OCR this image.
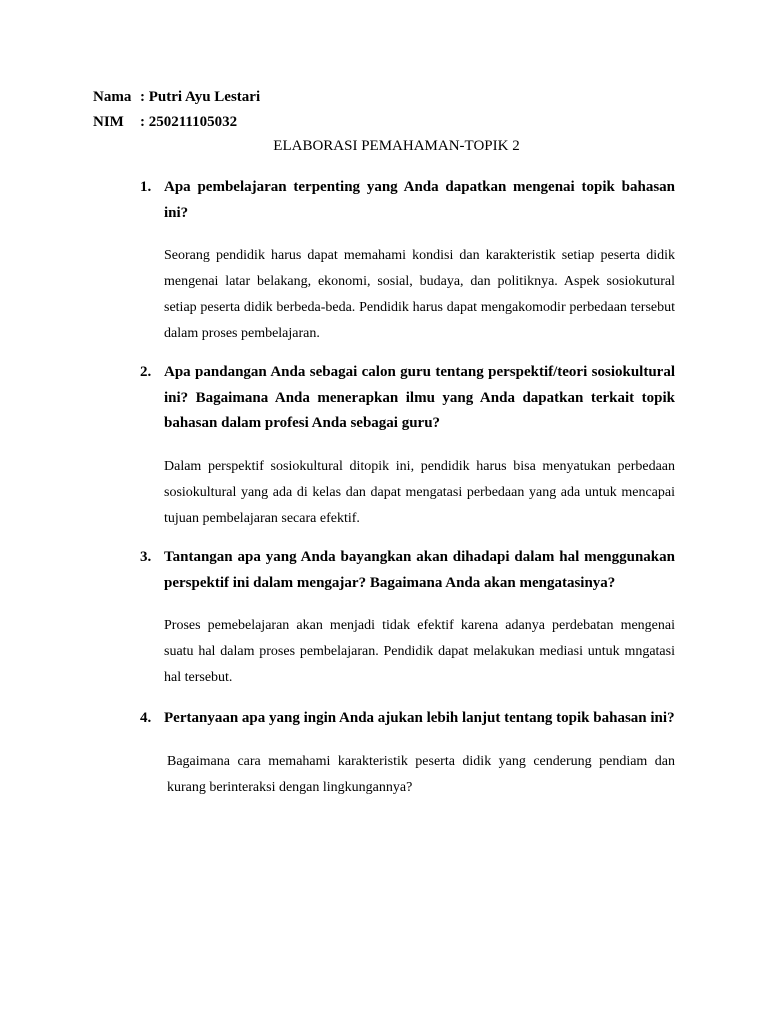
Nama : Putri Ayu Lestari
NIM : 250211105032
ELABORASI PEMAHAMAN-TOPIK 2
1. Apa pembelajaran terpenting yang Anda dapatkan mengenai topik bahasan ini?
Seorang pendidik harus dapat memahami kondisi dan karakteristik setiap peserta didik mengenai latar belakang, ekonomi, sosial, budaya, dan politiknya. Aspek sosiokutural setiap peserta didik berbeda-beda. Pendidik harus dapat mengakomodir perbedaan tersebut dalam proses pembelajaran.
2. Apa pandangan Anda sebagai calon guru tentang perspektif/teori sosiokultural ini? Bagaimana Anda menerapkan ilmu yang Anda dapatkan terkait topik bahasan dalam profesi Anda sebagai guru?
Dalam perspektif sosiokultural ditopik ini, pendidik harus bisa menyatukan perbedaan sosiokultural yang ada di kelas dan dapat mengatasi perbedaan yang ada untuk mencapai tujuan pembelajaran secara efektif.
3. Tantangan apa yang Anda bayangkan akan dihadapi dalam hal menggunakan perspektif ini dalam mengajar? Bagaimana Anda akan mengatasinya?
Proses pemebelajaran akan menjadi tidak efektif karena adanya perdebatan mengenai suatu hal dalam proses pembelajaran. Pendidik dapat melakukan mediasi untuk mngatasi hal tersebut.
4. Pertanyaan apa yang ingin Anda ajukan lebih lanjut tentang topik bahasan ini?
Bagaimana cara memahami karakteristik peserta didik yang cenderung pendiam dan kurang berinteraksi dengan lingkungannya?
